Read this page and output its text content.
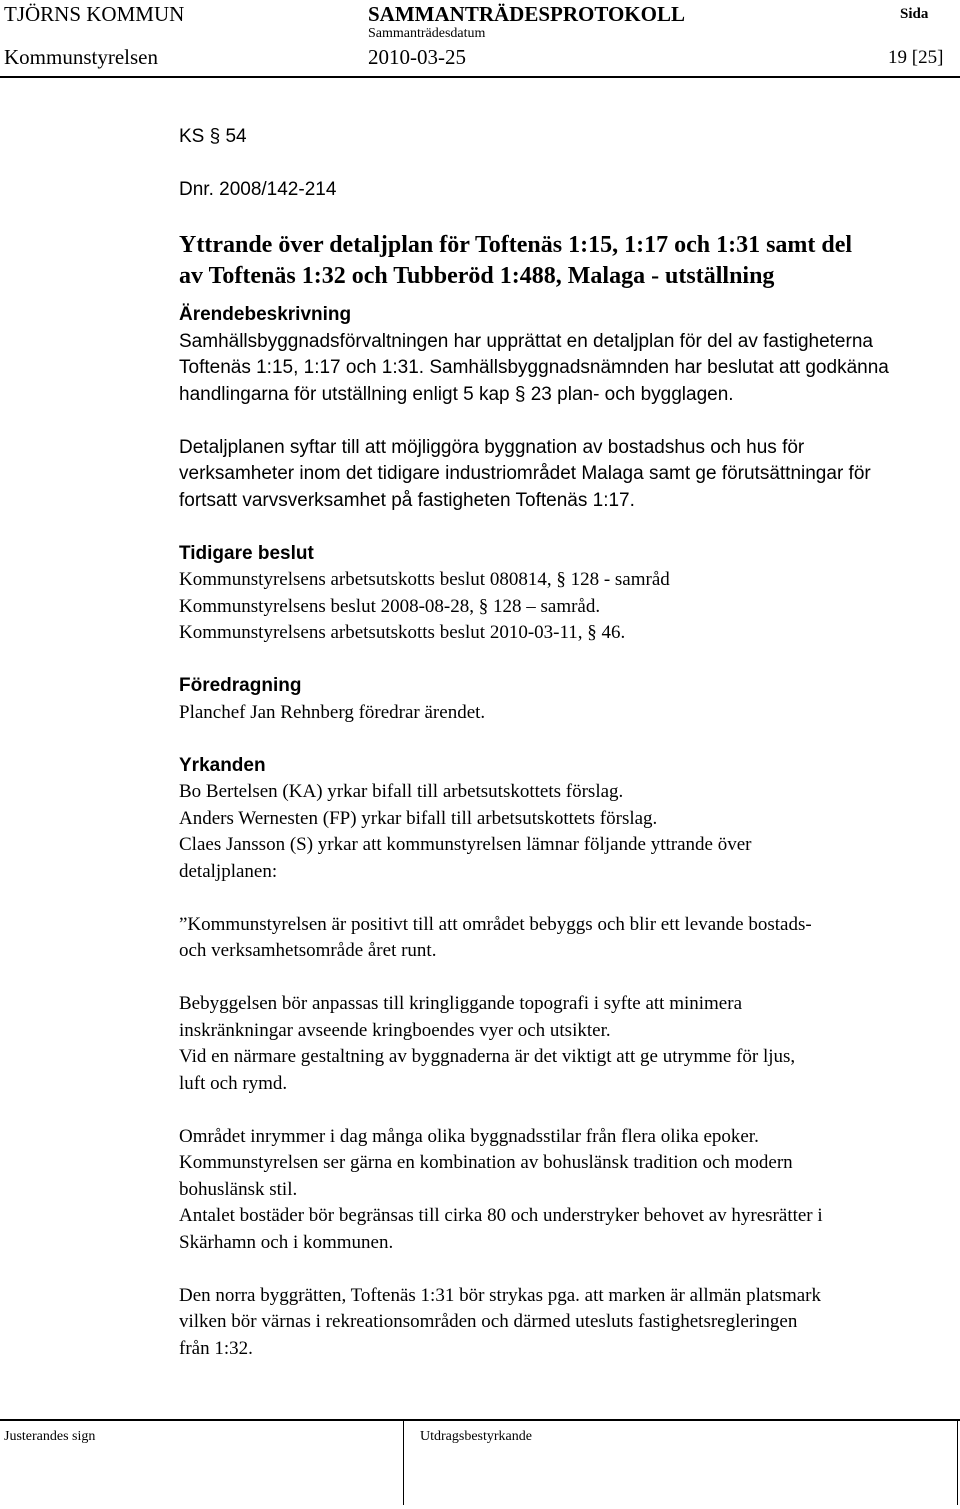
TJÖRNS KOMMUN	SAMMANTRÄDESPROTOKOLL	Sida
Sammanträdesdatum
Kommunstyrelsen	2010-03-25	19 [25]

KS § 54

Dnr. 2008/142-214

Yttrande över detaljplan för Toftenäs 1:15, 1:17 och 1:31 samt del
av Toftenäs 1:32 och Tubberöd 1:488, Malaga - utställning

Ärendebeskrivning

Samhällsbyggnadsförvaltningen har upprättat en detaljplan för del av fastigheterna

Toftenäs 1:15, 1:17 och 1:31. Samhällsbyggnadsnämnden har beslutat att godkänna

handlingarna för utställning enligt 5 kap § 23 plan- och bygglagen.

Detaljplanen syftar till att möjliggöra byggnation av bostadshus och hus för

verksamheter inom det tidigare industriområdet Malaga samt ge förutsättningar för

fortsatt varvsverksamhet på fastigheten Toftenäs 1:17.

Tidigare beslut

Kommunstyrelsens arbetsutskotts beslut 080814, § 128 - samråd

Kommunstyrelsens beslut 2008-08-28, § 128 – samråd.

Kommunstyrelsens arbetsutskotts beslut 2010-03-11, § 46.

Föredragning

Planchef Jan Rehnberg föredrar ärendet.

Yrkanden

Bo Bertelsen (KA) yrkar bifall till arbetsutskottets förslag.

Anders Wernesten (FP) yrkar bifall till arbetsutskottets förslag.

Claes Jansson (S) yrkar att kommunstyrelsen lämnar följande yttrande över

detaljplanen:

”Kommunstyrelsen är positivt till att området bebyggs och blir ett levande bostads-

och verksamhetsområde året runt.

Bebyggelsen bör anpassas till kringliggande topografi i syfte att minimera

inskränkningar avseende kringboendes vyer och utsikter.

Vid en närmare gestaltning av byggnaderna är det viktigt att ge utrymme för ljus,

luft och rymd.

Området inrymmer i dag många olika byggnadsstilar från flera olika epoker.

Kommunstyrelsen ser gärna en kombination av bohuslänsk tradition och modern

bohuslänsk stil.

Antalet bostäder bör begränsas till cirka 80 och understryker behovet av hyresrätter i

Skärhamn och i kommunen.

Den norra byggrätten, Toftenäs 1:31 bör strykas pga. att marken är allmän platsmark

vilken bör värnas i rekreationsområden och därmed utesluts fastighetsregleringen

från 1:32.

Justerandes sign	Utdragsbestyrkande
